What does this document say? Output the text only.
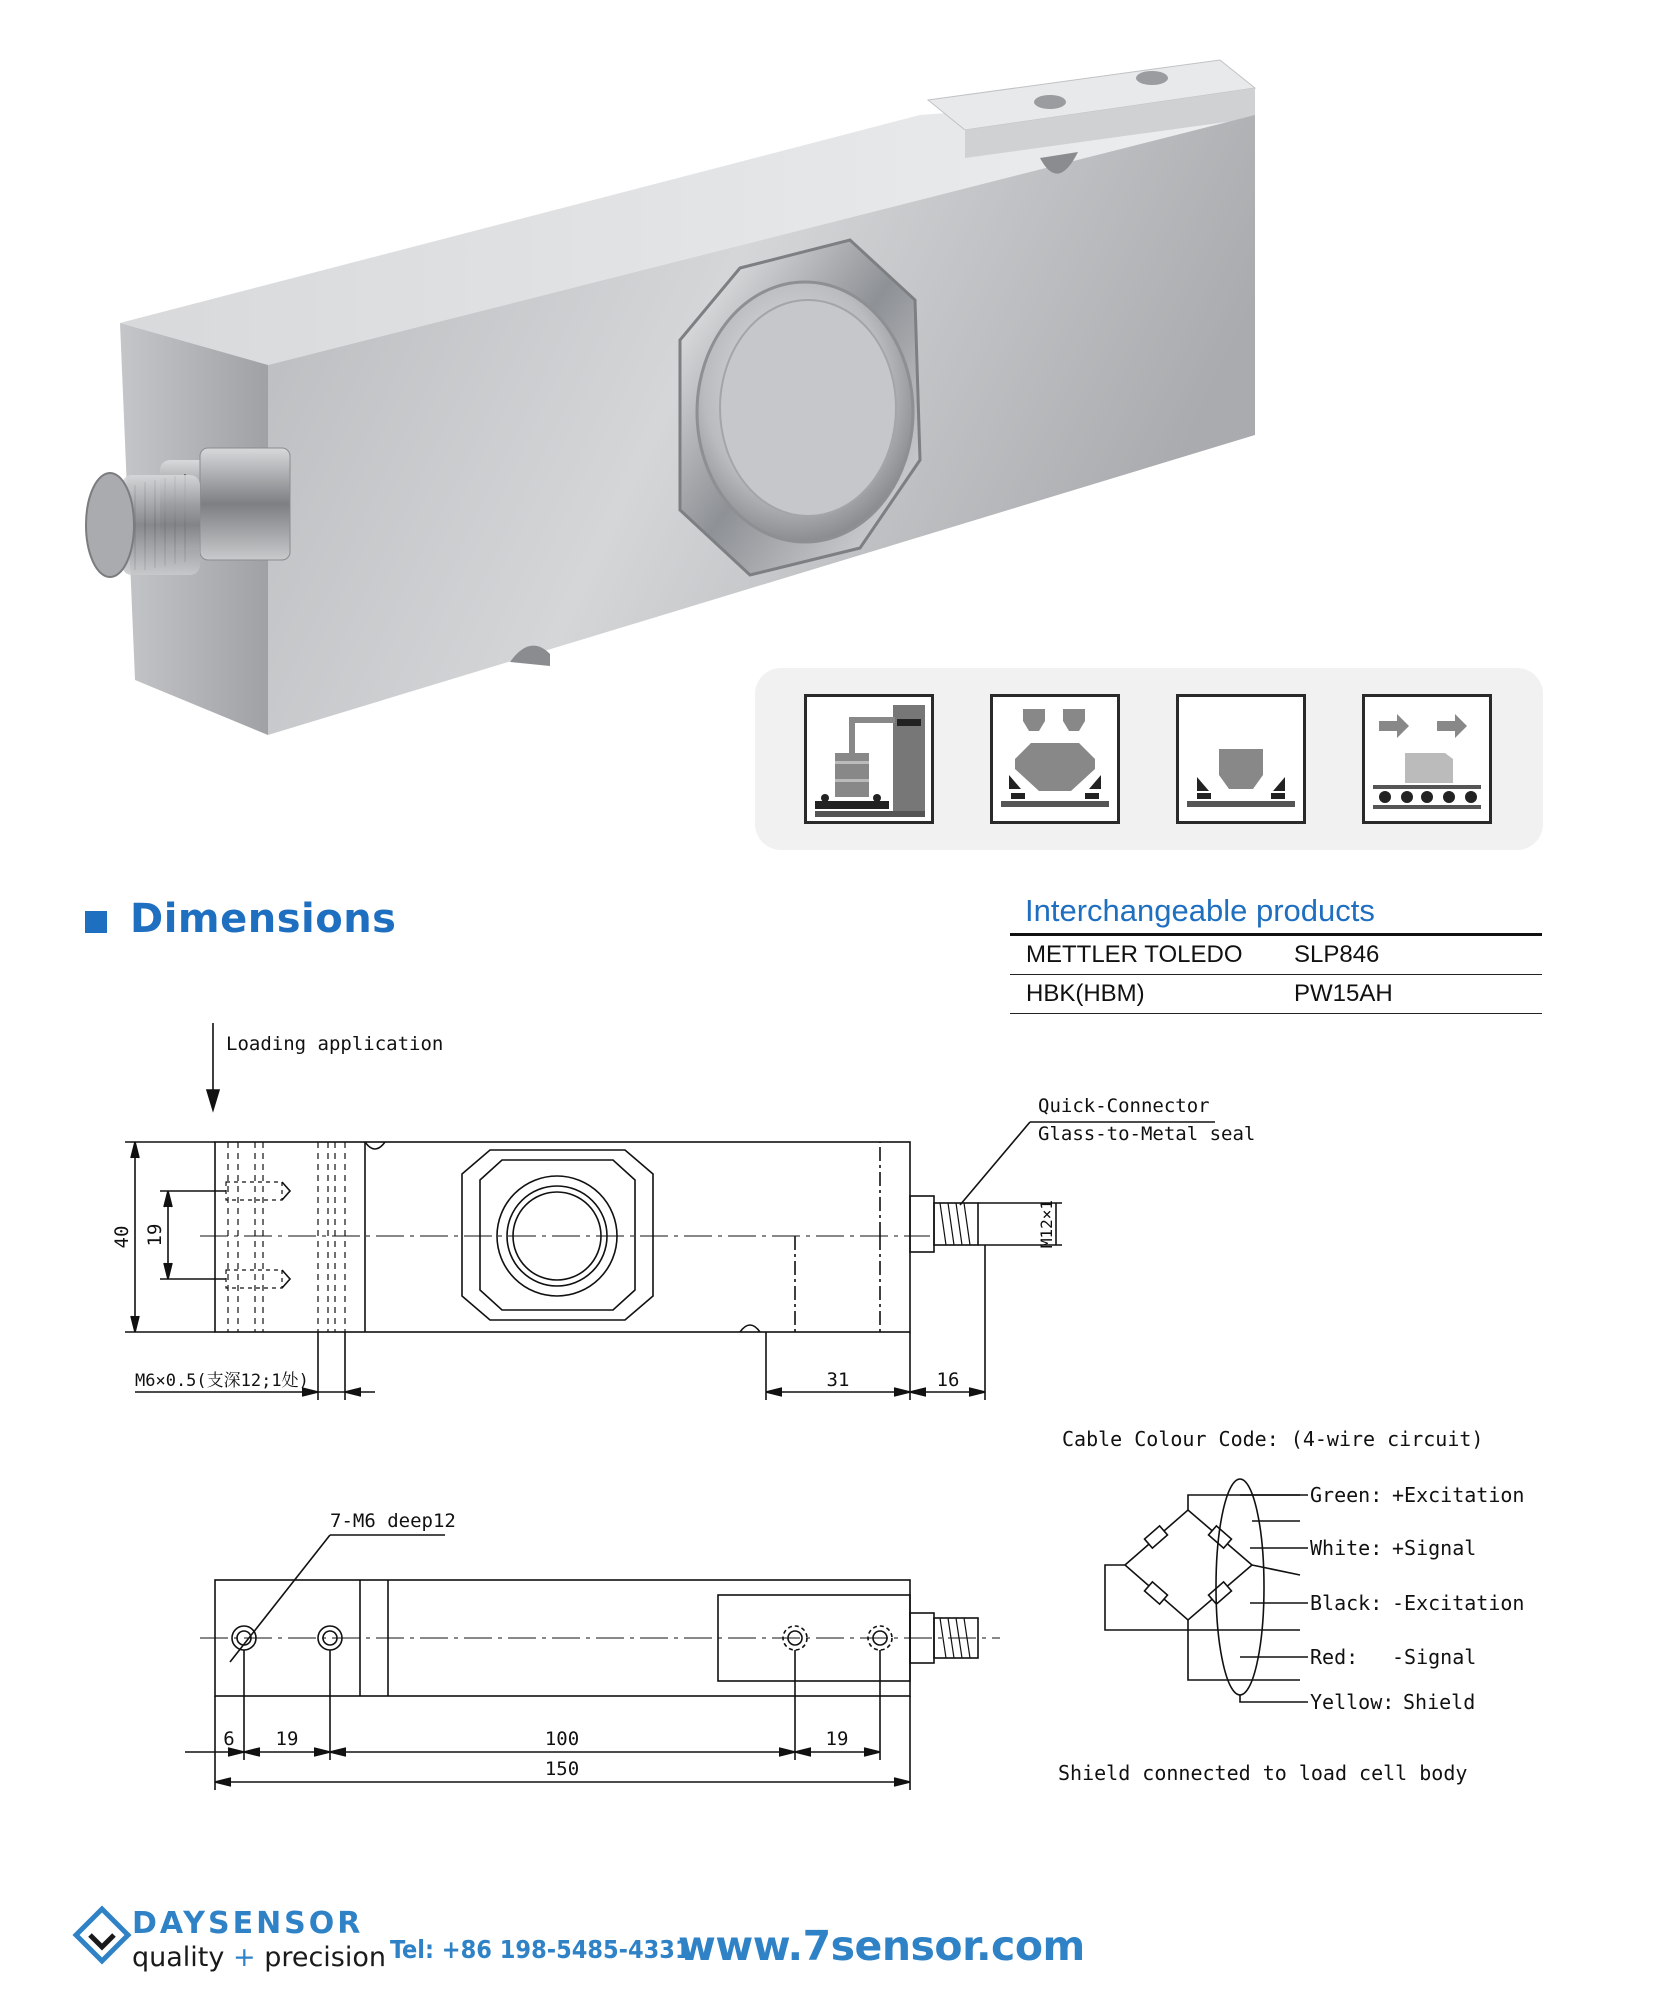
Dimensions	Interchangeable products
METTLER TOLEDO	SLP846
HBK(HBM)	PW15AH
Loading application
Quick-Connector
Glass-to-Metal seal
40 19	M12×1
M6×0.5(支深12;1处)	31	16
7-M6 deep12
6 19	100	19
150
Cable Colour Code: (4-wire circuit)
Green: +Excitation
White: +Signal
Black: -Excitation
Red: -Signal
Yellow: Shield
Shield connected to load cell body
DAYSENSOR
quality + precision Tel: +86 198-5485-4331
www.7sensor.com
